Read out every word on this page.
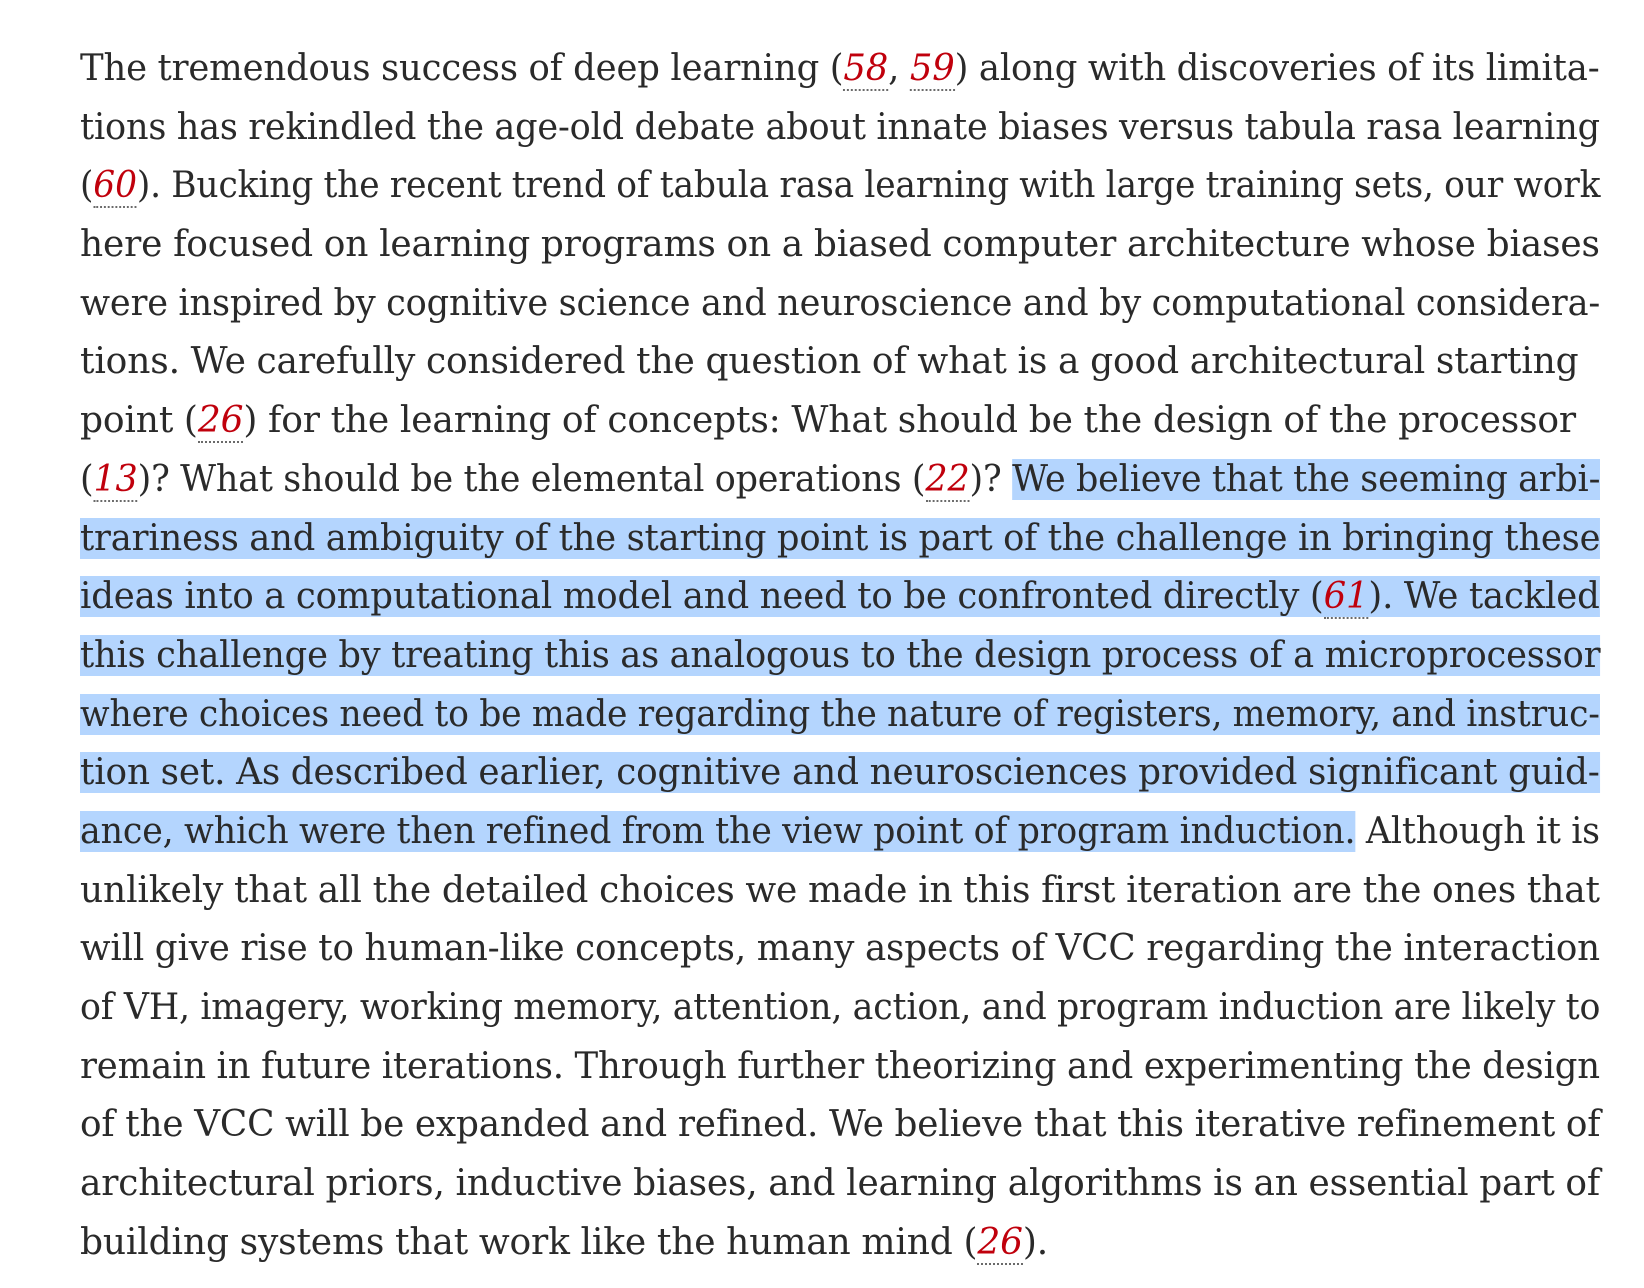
The tremendous success of deep learning (58, 59) along with discoveries of its limita-
tions has rekindled the age-old debate about innate biases versus tabula rasa learning
(60). Bucking the recent trend of tabula rasa learning with large training sets, our work
here focused on learning programs on a biased computer architecture whose biases
were inspired by cognitive science and neuroscience and by computational considera-
tions. We carefully considered the question of what is a good architectural starting
point (26) for the learning of concepts: What should be the design of the processor
(13)? What should be the elemental operations (22)? We believe that the seeming arbi-
trariness and ambiguity of the starting point is part of the challenge in bringing these
ideas into a computational model and need to be confronted directly (61). We tackled
this challenge by treating this as analogous to the design process of a microprocessor
where choices need to be made regarding the nature of registers, memory, and instruc-
tion set. As described earlier, cognitive and neurosciences provided significant guid-
ance, which were then refined from the view point of program induction. Although it is
unlikely that all the detailed choices we made in this first iteration are the ones that
will give rise to human-like concepts, many aspects of VCC regarding the interaction
of VH, imagery, working memory, attention, action, and program induction are likely to
remain in future iterations. Through further theorizing and experimenting the design
of the VCC will be expanded and refined. We believe that this iterative refinement of
architectural priors, inductive biases, and learning algorithms is an essential part of
building systems that work like the human mind (26).
